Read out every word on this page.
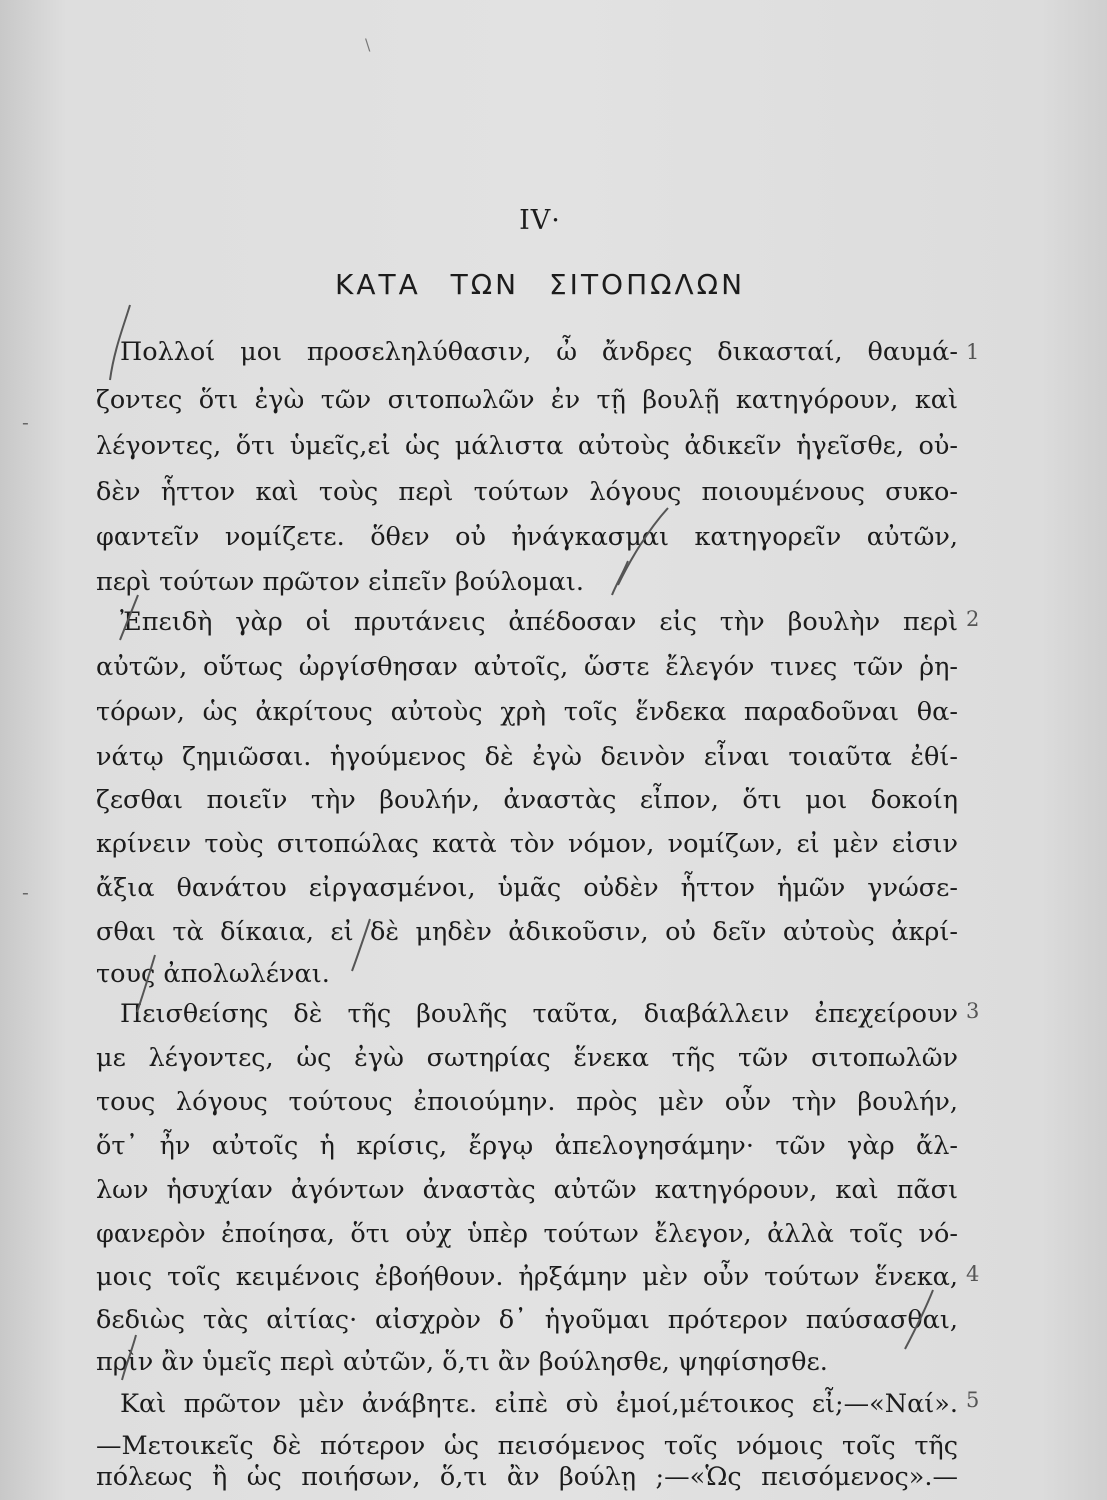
\
-
-
IV·
ΚΑΤΑ ΤΩΝ ΣΙΤΟΠΩΛΩΝ
Πολλοί μοι προσεληλύθασιν, ὦ ἄνδρες δικασταί, θαυμά-
ζοντες ὅτι ἐγὼ τῶν σιτοπωλῶν ἐν τῇ βουλῇ κατηγόρουν, καὶ
λέγοντες, ὅτι ὑμεῖς,εἰ ὡς μάλιστα αὐτοὺς ἀδικεῖν ἡγεῖσθε, οὐ-
δὲν ἧττον καὶ τοὺς περὶ τούτων λόγους ποιουμένους συκο-
φαντεῖν νομίζετε. ὅθεν οὐ ἠνάγκασμαι κατηγορεῖν αὐτῶν,
περὶ τούτων πρῶτον εἰπεῖν βούλομαι.
Ἐπειδὴ γὰρ οἱ πρυτάνεις ἀπέδοσαν εἰς τὴν βουλὴν περὶ
αὐτῶν, οὕτως ὠργίσθησαν αὐτοῖς, ὥστε ἔλεγόν τινες τῶν ῥη-
τόρων, ὡς ἀκρίτους αὐτοὺς χρὴ τοῖς ἕνδεκα παραδοῦναι θα-
νάτῳ ζημιῶσαι. ἡγούμενος δὲ ἐγὼ δεινὸν εἶναι τοιαῦτα ἐθί-
ζεσθαι ποιεῖν τὴν βουλήν, ἀναστὰς εἶπον, ὅτι μοι δοκοίη
κρίνειν τοὺς σιτοπώλας κατὰ τὸν νόμον, νομίζων, εἰ μὲν εἰσιν
ἄξια θανάτου εἰργασμένοι, ὑμᾶς οὐδὲν ἧττον ἡμῶν γνώσε-
σθαι τὰ δίκαια, εἰ δὲ μηδὲν ἀδικοῦσιν, οὐ δεῖν αὐτοὺς ἀκρί-
τους ἀπολωλέναι.
Πεισθείσης δὲ τῆς βουλῆς ταῦτα, διαβάλλειν ἐπεχείρουν
με λέγοντες, ὡς ἐγὼ σωτηρίας ἕνεκα τῆς τῶν σιτοπωλῶν
τους λόγους τούτους ἐποιούμην. πρὸς μὲν οὖν τὴν βουλήν,
ὅτ᾽ ἦν αὐτοῖς ἡ κρίσις, ἔργῳ ἀπελογησάμην· τῶν γὰρ ἄλ-
λων ἡσυχίαν ἀγόντων ἀναστὰς αὐτῶν κατηγόρουν, καὶ πᾶσι
φανερὸν ἐποίησα, ὅτι οὐχ ὑπὲρ τούτων ἔλεγον, ἀλλὰ τοῖς νό-
μοις τοῖς κειμένοις ἐβοήθουν. ἠρξάμην μὲν οὖν τούτων ἕνεκα,
δεδιὼς τὰς αἰτίας· αἰσχρὸν δ᾽ ἡγοῦμαι πρότερον παύσασθαι,
πρὶν ἂν ὑμεῖς περὶ αὐτῶν, ὅ,τι ἂν βούλησθε, ψηφίσησθε.
Καὶ πρῶτον μὲν ἀνάβητε. εἰπὲ σὺ ἐμοί,μέτοικος εἶ;—«Ναί».
—Μετοικεῖς δὲ πότερον ὡς πεισόμενος τοῖς νόμοις τοῖς τῆς
πόλεως ἢ ὡς ποιήσων, ὅ,τι ἂν βούλῃ ;—«Ὡς πεισόμενος».—
1
2
3
4
5
